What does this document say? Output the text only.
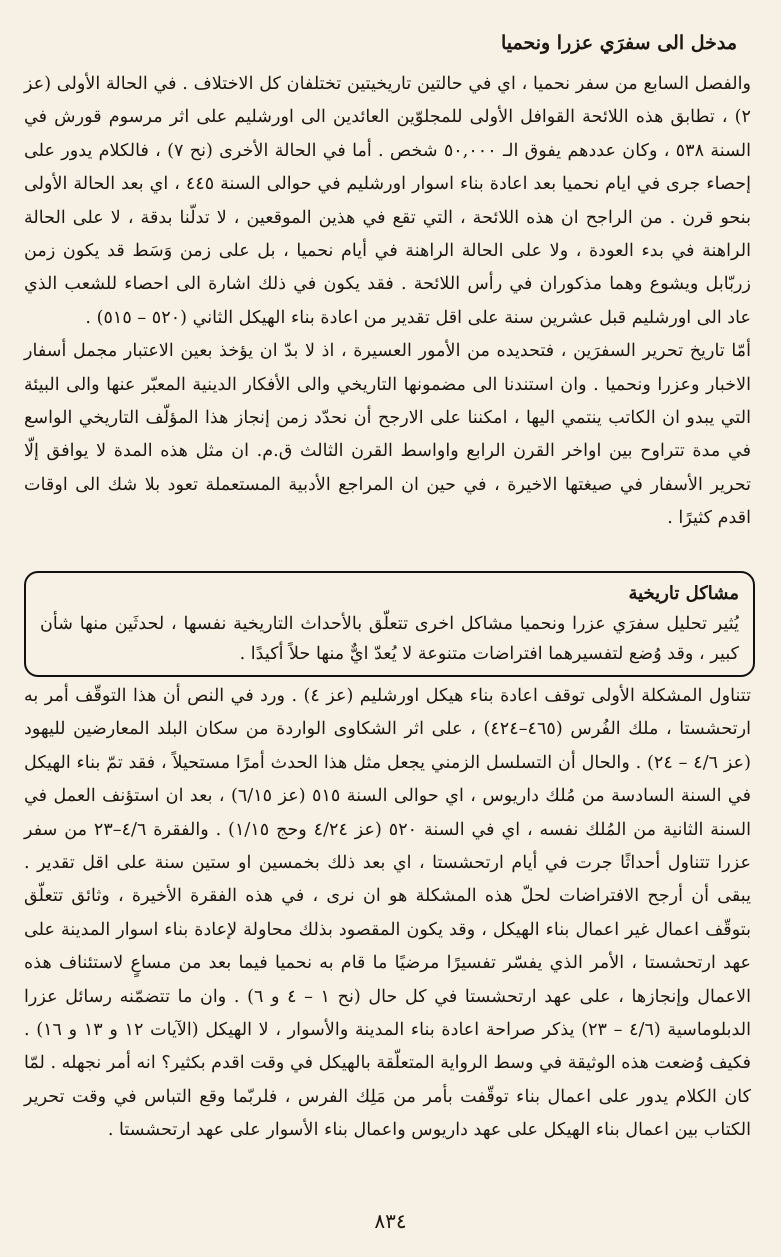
مدخل الى سفرَي عزرا ونحميا

والفصل السابع من سفر نحميا ، اي في حالتين تاريخيتين تختلفان كل الاختلاف . في الحالة الأولى (عز ٢) ، تطابق هذه اللائحة القوافل الأولى للمجلوّين العائدين الى اورشليم على اثر مرسوم قورش في السنة ٥٣٨ ، وكان عددهم يفوق الـ ٥٠,٠٠٠ شخص . أما في الحالة الأخرى (نح ٧) ، فالكلام يدور على إحصاء جرى في ايام نحميا بعد اعادة بناء اسوار اورشليم في حوالى السنة ٤٤٥ ، اي بعد الحالة الأولى بنحو قرن . من الراجح ان هذه اللائحة ، التي تقع في هذين الموقعين ، لا تدلّنا بدقة ، لا على الحالة الراهنة في بدء العودة ، ولا على الحالة الراهنة في أيام نحميا ، بل على زمن وَسَط قد يكون زمن زربّابل ويشوع وهما مذكوران في رأس اللائحة . فقد يكون في ذلك اشارة الى احصاء للشعب الذي عاد الى اورشليم قبل عشرين سنة على اقل تقدير من اعادة بناء الهيكل الثاني (٥٢٠ – ٥١٥) .

أمّا تاريخ تحرير السفرَين ، فتحديده من الأمور العسيرة ، اذ لا بدّ ان يؤخذ بعين الاعتبار مجمل أسفار الاخبار وعزرا ونحميا . وان استندنا الى مضمونها التاريخي والى الأفكار الدينية المعبّر عنها والى البيئة التي يبدو ان الكاتب ينتمي اليها ، امكننا على الارجح أن نحدّد زمن إنجاز هذا المؤلّف التاريخي الواسع في مدة تتراوح بين اواخر القرن الرابع واواسط القرن الثالث ق.م. ان مثل هذه المدة لا يوافق إلّا تحرير الأسفار في صيغتها الاخيرة ، في حين ان المراجع الأدبية المستعملة تعود بلا شك الى اوقات اقدم كثيرًا .

مشاكل تاريخية
يُثير تحليل سفرَي عزرا ونحميا مشاكل اخرى تتعلّق بالأحداث التاريخية نفسها ، لحدثَين منها شأن كبير ، وقد وُضع لتفسيرهما افتراضات متنوعة لا يُعدّ ايٌّ منها حلاً أكيدًا .

تتناول المشكلة الأولى توقف اعادة بناء هيكل اورشليم (عز ٤) . ورد في النص أن هذا التوقّف أمر به ارتحشستا ، ملك الفُرس (٤٦٥–٤٢٤) ، على اثر الشكاوى الواردة من سكان البلد المعارضين لليهود (عز ٤/٦ – ٢٤) . والحال أن التسلسل الزمني يجعل مثل هذا الحدث أمرًا مستحيلاً ، فقد تمّ بناء الهيكل في السنة السادسة من مُلك داريوس ، اي حوالى السنة ٥١٥ (عز ٦/١٥) ، بعد ان استؤنف العمل في السنة الثانية من المُلك نفسه ، اي في السنة ٥٢٠ (عز ٤/٢٤ وحج ١/١٥) . والفقرة ٤/٦–٢٣ من سفر عزرا تتناول أحداثًا جرت في أيام ارتحشستا ، اي بعد ذلك بخمسين او ستين سنة على اقل تقدير . يبقى أن أرجح الافتراضات لحلّ هذه المشكلة هو ان نرى ، في هذه الفقرة الأخيرة ، وثائق تتعلّق بتوقّف اعمال غير اعمال بناء الهيكل ، وقد يكون المقصود بذلك محاولة لإعادة بناء اسوار المدينة على عهد ارتحشستا ، الأمر الذي يفسّر تفسيرًا مرضيًا ما قام به نحميا فيما بعد من مساعٍ لاستئناف هذه الاعمال وإنجازها ، على عهد ارتحشستا في كل حال (نح ١ – ٤ و ٦) . وان ما تتضمّنه رسائل عزرا الدبلوماسية (٤/٦ – ٢٣) يذكر صراحة اعادة بناء المدينة والأسوار ، لا الهيكل (الآيات ١٢ و ١٣ و ١٦) . فكيف وُضعت هذه الوثيقة في وسط الرواية المتعلّقة بالهيكل في وقت اقدم بكثير؟ انه أمر نجهله . لمّا كان الكلام يدور على اعمال بناء توقّفت بأمر من مَلِك الفرس ، فلربّما وقع التباس في وقت تحرير الكتاب بين اعمال بناء الهيكل على عهد داريوس واعمال بناء الأسوار على عهد ارتحشستا .

٨٣٤
